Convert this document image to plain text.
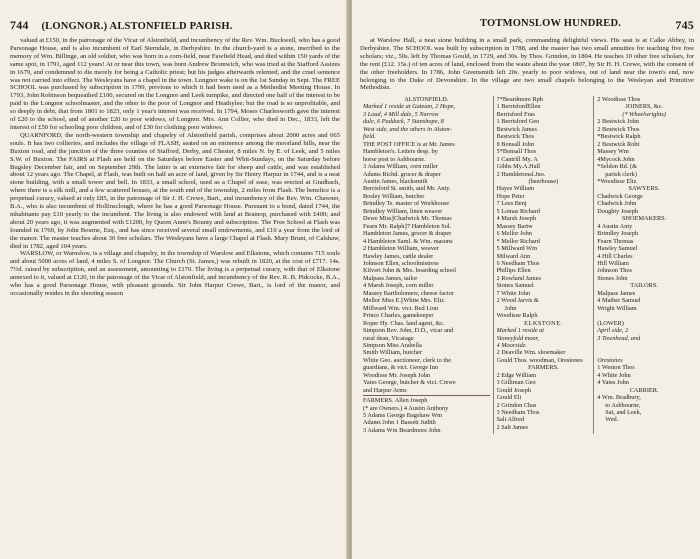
744 (LONGNOR.) ALSTONFIELD PARISH.

valued at £150, in the patronage of the Vicar of Alstonfield, and incumbency of the Rev. Wm. Buckwell, who has a good Parsonage House, and is also incumbent of Earl Sterndale, in Derbyshire. In the church-yard is a stone, inscribed to the memory of Wm. Billinge, an old soldier, who was born in a corn-field, near Fawfield Head, and died within 150 yards of the same spot, in 1791, aged 112 years! At or near this town, was born Andrew Bromwich, who was tried at the Stafford Assizes in 1679, and condemned to die merely for being a Catholic priest; but his judges afterwards relented, and the cruel sentence was not carried into effect. The Wesleyans have a chapel in the town. Longnor wake is on the 1st Sunday in Sept. The FREE SCHOOL was purchased by subscription in 1799, previous to which it had been used as a Methodist Meeting House. In 1793, John Robinson bequeathed £100, secured on the Longnor and Leek turnpike, and directed one half of the interest to be paid to the Longnor schoolmaster, and the other to the poor of Longnor and Heathylee; but the road is so unprofitable, and so deeply in debt, that from 1801 to 1823, only 1 year's interest was received. In 1794, Moses Charlesworth gave the interest of £20 to the school, and of another £20 to poor widows, of Longnor. Mrs. Ann Collier, who died in Dec., 1833, left the interest of £50 for schooling poor children, and of £30 for clothing poor widows.

QUARNFORD, the north-western township and chapelry of Alstonfield parish, comprises about 2000 acres and 665 souls. It has two collieries, and includes the village of FLASH, seated on an eminence among the moorland hills, near the Buxton road, and the junction of the three counties of Stafford, Derby, and Chester, 8 miles N. by E. of Leek, and 5 miles S.W. of Buxton. The FAIRS at Flash are held on the Saturdays before Easter and Whit-Sundays, on the Saturday before Bugsley December fair, and on September 29th. The latter is an extensive fair for sheep and cattle, and was established about 12 years ago. The Chapel, at Flash, was built on half an acre of land, given by Sir Henry Harpur in 1744, and is a neat stone building, with a small tower and bell. In 1833, a small school, used as a Chapel of ease, was erected at Gradbach, where there is a silk mill, and a few scattered houses, at the south end of the township, 2 miles from Flash. The benefice is a perpetual curacy, valued at only £85, in the patronage of Sir J. H. Crewe, Bart., and incumbency of the Rev. Wm. Chawner, B.A., who is also incumbent of Hollinsclough, where he has a good Parsonage House. Pursuant to a bond, dated 1744, the inhabitants pay £10 yearly to the incumbent. The living is also endowed with land at Brainop, purchased with £400; and about 20 years ago, it was augmented with £1200, by Queen Anne's Bounty and subscription. The Free School at Flash was founded in 1760, by John Bourne, Esq., and has since received several small endowments, and £10 a year from the lord of the manor. The master teaches about 30 free scholars. The Wesleyans have a large Chapel at Flash. Mary Brunt, of Calshaw, died in 1782, aged 104 years.

WARSLOW, or Warnslow, is a village and chapelry, in the township of Warslow and Elkstone, which contains 715 souls and about 5000 acres of land, 4 miles S. of Longnor. The Church (St. James,) was rebuilt in 1820, at the cost of £717. 14s. 7½d. raised by subscription, and an assessment, amounting to £170. The living is a perpetual curacy, with that of Elkstone annexed to it, valued at £120, in the patronage of the Vicar of Alstonfield, and incumbency of the Rev. R. B. Pidcocke, B.A., who has a good Parsonage House, with pleasant grounds. Sir John Harpur Crewe, Bart., is lord of the manor, and occasionally resides in the shooting season

TOTMONSLOW HUNDRED.	745

at Warslow Hall, a neat stone building in a small park, commanding delightful views. His seat is at Calke Abbey, in Derbyshire. The SCHOOL was built by subscription in 1788, and the master has two small annuities for teaching five free scholars; viz., 50s. left by Thomas Gould, in 1729, and 30s. by Thos. Grindon, in 1804. He teaches 10 other free scholars, for the rent (£12. 15s.) of ten acres of land, enclosed from the waste about the year 1807, by Sir H. H. Crewe, with the consent of the other freeholders. In 1786, John Greensmith left 20s. yearly to poor widows, out of land near the town's end, now belonging to the Duke of Devonshire. In the village are two small chapels belonging to the Wesleyan and Primitive Methodists.

ALSTONFIELD.
Marked 1 reside at Gateam, 2 Hope,
3 Load, 4 Mill dale, 5 Narrow
dale, 6 Paddock, 7 Stanshope, 8
West side, and the others in Alston-
field.
THE POST OFFICE is at Mr. James
Hambleton's. Letters desp. by
horse post to Ashbourne.
3 Adams William, corn miller
Adams Richd. grocer & draper
Austin James, blacksmith
Berrisford St. smith, and Mr. Anty.
Bosley William, butcher
Brindley Ts. master of Workhouse
Brindley William, linen weaver
Dewe Miss||Chadwick Mr. Thomas
Fearn Mr. Ralph||7 Hambleton Sol.
Hambleton James, grocer & draper
4 Hambleton Saml. & Wm. masons
2 Hambleton William, weaver
Hawley James, cattle dealer
Johnson Ellen, schoolmistress
Kilvert John & Mrs. boarding school
Malpass James, tailor
4 Marsh Joseph, corn miller
Massey Bartholomew, cheese factor
Mellor Miss E.||White Mrs. Eliz.
Millward Wm. vict. Red Lion
Prince Charles, gamekeeper
Roper Hy. Chas. land agent, &c.
Simpson Rev. John, D.D., vicar and
rural dean, Vicarage
Simpson Miss Arabella
Smith William, butcher
White Geo. auctioneer, clerk to the
guardians, & vict. George Inn
Woodisse Mr. Joseph John
Yates George, butcher & vict. Crewe
and Harpur Arms
FARMERS. Allen Joseph
(* are Owners.) 4 Austin Anthony
5 Adams George Bagshaw Wm
Adams John 1 Bassett Judith
3 Adams Wm Beardmore John
7*Beardmore Rph
1 BerrisfordEllen
Berrisford Fras
1 Berrisford Geo
Bestwick James
Bestwick Thos
8 Bonsall John
5*Bonsall Thos
1 Cantrill My. A
Gibbs My.A.Hall
2 Hambletonsl.Jno.
(beerhouse)
Hayes William
Hope Peter
7 Lees Benj
5 Lomas Richard
4 Marsh Joseph
Massey Bartw
6 Mellor John
* Mellor Richard
5 Millward Wm
Milward Ann
6 Needham Thos
Phillips Ellen
2 Rowland James
Stones Samuel
7 White John
2 Wood Jarvis &
John
Woodisse Ralph
ELKSTONE.
Marked 1 reside at
Stoneyfold moor,
4 Moorside.
2 Deaville Wm. shoemaker
Gould Thos. woodman, Orestones
FARMERS.
2 Edge William
3 Gilliman Geo
Gould Joseph
Gould Eli
2 Grindon Chas
3 Needham Thos
Salt Alfred
2 Salt James
2 Woodisse Thos
JOINERS, &c.
(* Wheelwrights)
2 Bestwick John
2 Bestwick Thos
*Bestwick Ralph
2 Bestwick Robt
Massey Wm
4Mycock John
*Seldon Rd. (&
parish clerk)
*Woodisse Eliz
SAWYERS.
Chadwick George
Chadwick John
Doughty Joseph
SHOEMAKERS.
4 Austin Anty
Brindley Joseph
Fearn Thomas
Hawley Samuel
4 Hill Charles
Hill William
Johnson Thos
Stones John
TAILORS.
Malpass James
4 Mather Samuel
Wright William

(LOWER)
April side, 2
3 Townhead, and

Orestones
1 Weston Thos
4 White John
4 Yates John
CARRIER.
4 Wm. Bradbury,
to Ashbourne,
Sat, and Leek,
Wed.
